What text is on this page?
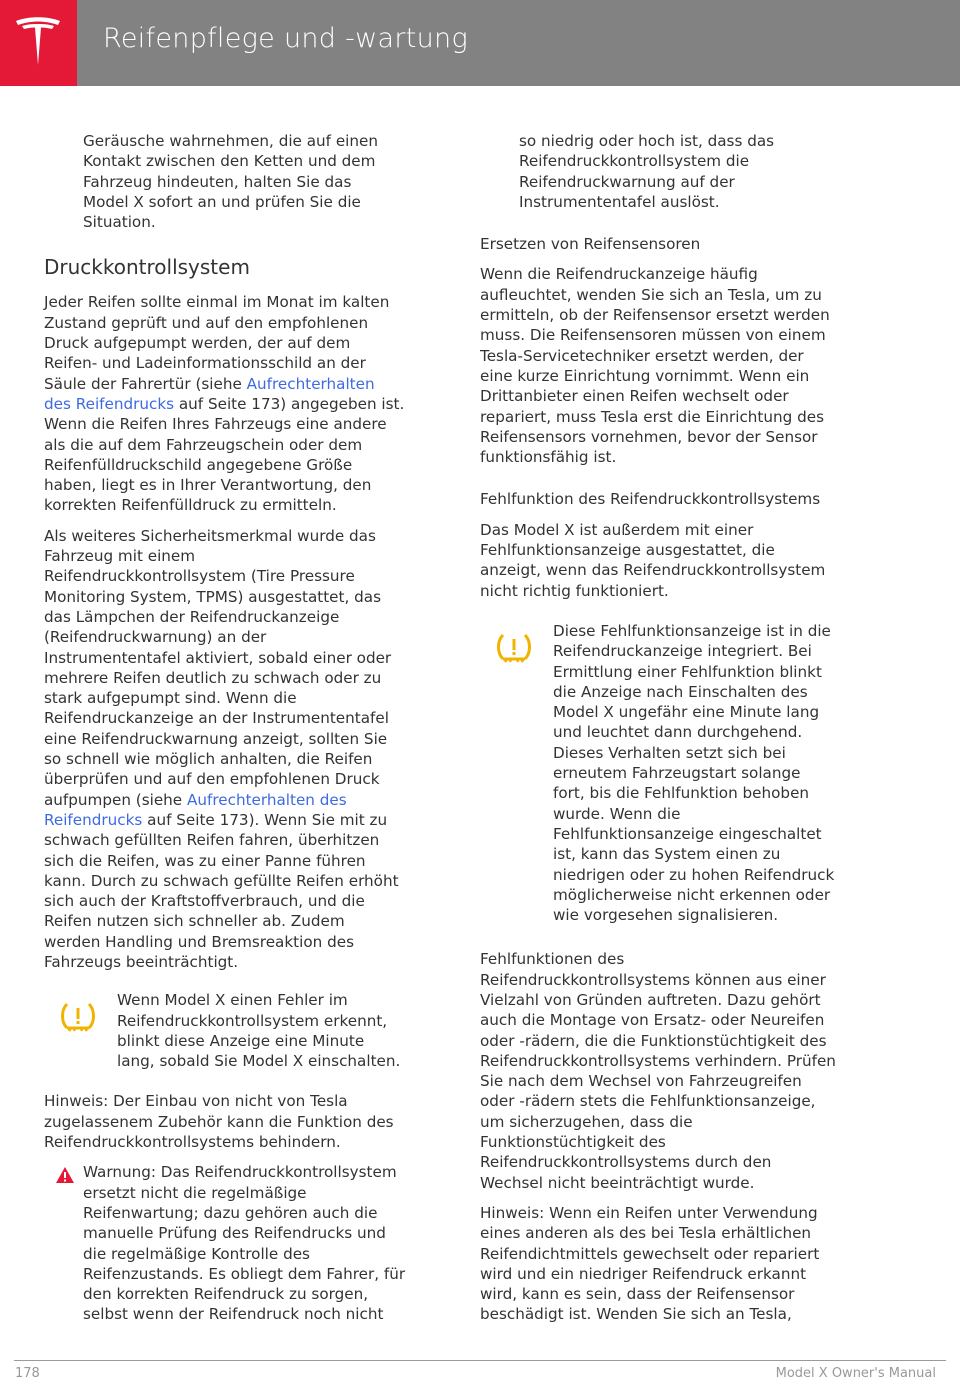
Reifenpflege und -wartung
Geräusche wahrnehmen, die auf einen
Kontakt zwischen den Ketten und dem
Fahrzeug hindeuten, halten Sie das
Model X sofort an und prüfen Sie die
Situation.
Druckkontrollsystem
Jeder Reifen sollte einmal im Monat im kalten
Zustand geprüft und auf den empfohlenen
Druck aufgepumpt werden, der auf dem
Reifen- und Ladeinformationsschild an der
Säule der Fahrertür (siehe Aufrechterhalten
des Reifendrucks auf Seite 173) angegeben ist.
Wenn die Reifen Ihres Fahrzeugs eine andere
als die auf dem Fahrzeugschein oder dem
Reifenfülldruckschild angegebene Größe
haben, liegt es in Ihrer Verantwortung, den
korrekten Reifenfülldruck zu ermitteln.
Als weiteres Sicherheitsmerkmal wurde das
Fahrzeug mit einem
Reifendruckkontrollsystem (Tire Pressure
Monitoring System, TPMS) ausgestattet, das
das Lämpchen der Reifendruckanzeige
(Reifendruckwarnung) an der
Instrumententafel aktiviert, sobald einer oder
mehrere Reifen deutlich zu schwach oder zu
stark aufgepumpt sind. Wenn die
Reifendruckanzeige an der Instrumententafel
eine Reifendruckwarnung anzeigt, sollten Sie
so schnell wie möglich anhalten, die Reifen
überprüfen und auf den empfohlenen Druck
aufpumpen (siehe Aufrechterhalten des
Reifendrucks auf Seite 173). Wenn Sie mit zu
schwach gefüllten Reifen fahren, überhitzen
sich die Reifen, was zu einer Panne führen
kann. Durch zu schwach gefüllte Reifen erhöht
sich auch der Kraftstoffverbrauch, und die
Reifen nutzen sich schneller ab. Zudem
werden Handling und Bremsreaktion des
Fahrzeugs beeinträchtigt.
Wenn Model X einen Fehler im
Reifendruckkontrollsystem erkennt,
blinkt diese Anzeige eine Minute
lang, sobald Sie Model X einschalten.
Hinweis: Der Einbau von nicht von Tesla
zugelassenem Zubehör kann die Funktion des
Reifendruckkontrollsystems behindern.
Warnung: Das Reifendruckkontrollsystem
ersetzt nicht die regelmäßige
Reifenwartung; dazu gehören auch die
manuelle Prüfung des Reifendrucks und
die regelmäßige Kontrolle des
Reifenzustands. Es obliegt dem Fahrer, für
den korrekten Reifendruck zu sorgen,
selbst wenn der Reifendruck noch nicht
so niedrig oder hoch ist, dass das
Reifendruckkontrollsystem die
Reifendruckwarnung auf der
Instrumententafel auslöst.
Ersetzen von Reifensensoren
Wenn die Reifendruckanzeige häufig
aufleuchtet, wenden Sie sich an Tesla, um zu
ermitteln, ob der Reifensensor ersetzt werden
muss. Die Reifensensoren müssen von einem
Tesla-Servicetechniker ersetzt werden, der
eine kurze Einrichtung vornimmt. Wenn ein
Drittanbieter einen Reifen wechselt oder
repariert, muss Tesla erst die Einrichtung des
Reifensensors vornehmen, bevor der Sensor
funktionsfähig ist.
Fehlfunktion des Reifendruckkontrollsystems
Das Model X ist außerdem mit einer
Fehlfunktionsanzeige ausgestattet, die
anzeigt, wenn das Reifendruckkontrollsystem
nicht richtig funktioniert.
Diese Fehlfunktionsanzeige ist in die
Reifendruckanzeige integriert. Bei
Ermittlung einer Fehlfunktion blinkt
die Anzeige nach Einschalten des
Model X ungefähr eine Minute lang
und leuchtet dann durchgehend.
Dieses Verhalten setzt sich bei
erneutem Fahrzeugstart solange
fort, bis die Fehlfunktion behoben
wurde. Wenn die
Fehlfunktionsanzeige eingeschaltet
ist, kann das System einen zu
niedrigen oder zu hohen Reifendruck
möglicherweise nicht erkennen oder
wie vorgesehen signalisieren.
Fehlfunktionen des
Reifendruckkontrollsystems können aus einer
Vielzahl von Gründen auftreten. Dazu gehört
auch die Montage von Ersatz- oder Neureifen
oder -rädern, die die Funktionstüchtigkeit des
Reifendruckkontrollsystems verhindern. Prüfen
Sie nach dem Wechsel von Fahrzeugreifen
oder -rädern stets die Fehlfunktionsanzeige,
um sicherzugehen, dass die
Funktionstüchtigkeit des
Reifendruckkontrollsystems durch den
Wechsel nicht beeinträchtigt wurde.
Hinweis: Wenn ein Reifen unter Verwendung
eines anderen als des bei Tesla erhältlichen
Reifendichtmittels gewechselt oder repariert
wird und ein niedriger Reifendruck erkannt
wird, kann es sein, dass der Reifensensor
beschädigt ist. Wenden Sie sich an Tesla,
178	Model X Owner's Manual
